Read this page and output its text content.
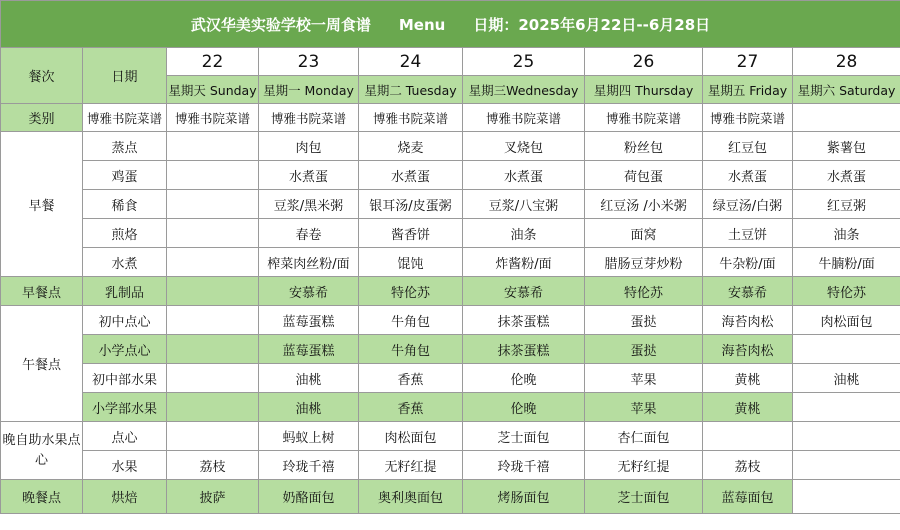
武汉华美实验学校一周食谱 Menu 日期：2025年6月22日--6月28日								
餐次	日期	22	23	24	25	26	27	28
		星期天 Sunday	星期一 Monday	星期二 Tuesday	星期三Wednesday	星期四 Thursday	星期五 Friday	星期六 Saturday
类别	博雅书院菜谱	博雅书院菜谱	博雅书院菜谱	博雅书院菜谱	博雅书院菜谱	博雅书院菜谱	博雅书院菜谱	
早餐	蒸点		肉包	烧麦	叉烧包	粉丝包	红豆包	紫薯包
	鸡蛋		水煮蛋	水煮蛋	水煮蛋	荷包蛋	水煮蛋	水煮蛋
	稀食		豆浆/黑米粥	银耳汤/皮蛋粥	豆浆/八宝粥	红豆汤 /小米粥	绿豆汤/白粥	红豆粥
	煎烙		春卷	酱香饼	油条	面窝	土豆饼	油条
	水煮		榨菜肉丝粉/面	馄饨	炸酱粉/面	腊肠豆芽炒粉	牛杂粉/面	牛腩粉/面
早餐点	乳制品		安慕希	特伦苏	安慕希	特伦苏	安慕希	特伦苏
午餐点	初中点心		蓝莓蛋糕	牛角包	抹茶蛋糕	蛋挞	海苔肉松	肉松面包
	小学点心		蓝莓蛋糕	牛角包	抹茶蛋糕	蛋挞	海苔肉松	
	初中部水果		油桃	香蕉	伦晚	苹果	黄桃	油桃
	小学部水果		油桃	香蕉	伦晚	苹果	黄桃	
晚自助水果点心	点心		蚂蚁上树	肉松面包	芝士面包	杏仁面包		
	水果	荔枝	玲珑千禧	无籽红提	玲珑千禧	无籽红提	荔枝	
晚餐点	烘焙	披萨	奶酪面包	奥利奥面包	烤肠面包	芝士面包	蓝莓面包	
